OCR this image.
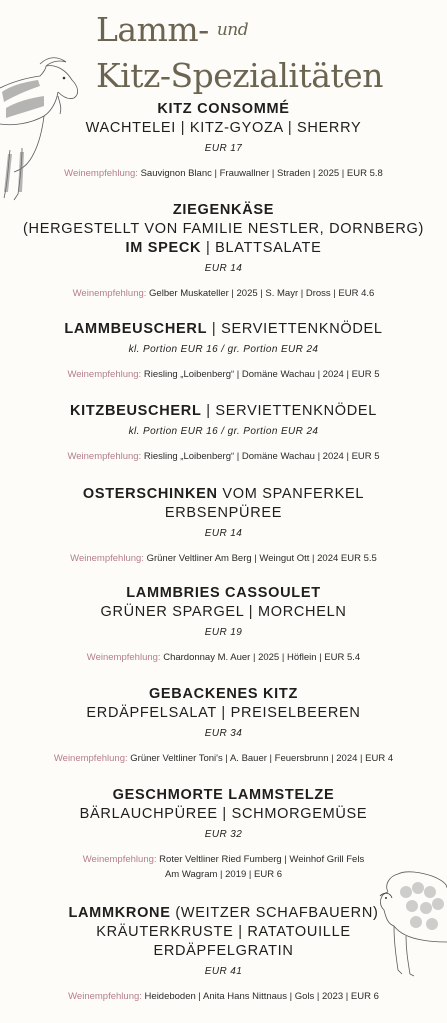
Lamm- und
Kitz-Spezialitäten
KITZ CONSOMMÉ
WACHTELEI | KITZ-GYOZA | SHERRY
EUR 17
Weinempfehlung: Sauvignon Blanc | Frauwallner | Straden | 2025 | EUR 5.8
ZIEGENKÄSE
(HERGESTELLT VON FAMILIE NESTLER, DORNBERG) IM SPECK | BLATTSALATE
EUR 14
Weinempfehlung: Gelber Muskateller | 2025 | S. Mayr | Dross | EUR 4.6
LAMMBEUSCHERL | SERVIETTENKNÖDEL
kl. Portion EUR 16 / gr. Portion EUR 24
Weinempfehlung: Riesling „Loibenberg“ | Domäne Wachau | 2024 | EUR 5
KITZBEUSCHERL | SERVIETTENKNÖDEL
kl. Portion EUR 16 / gr. Portion EUR 24
Weinempfehlung: Riesling „Loibenberg“ | Domäne Wachau | 2024 | EUR 5
OSTERSCHINKEN VOM SPANFERKEL ERBSENPÜREE
EUR 14
Weinempfehlung: Grüner Veltliner Am Berg | Weingut Ott | 2024 EUR 5.5
LAMMBRIES CASSOULET
GRÜNER SPARGEL | MORCHELN
EUR 19
Weinempfehlung: Chardonnay M. Auer | 2025 | Höflein | EUR 5.4
GEBACKENES KITZ
ERDÄPFELSALAT | PREISELBEEREN
EUR 34
Weinempfehlung: Grüner Veltliner Toni's | A. Bauer | Feuersbrunn | 2024 | EUR 4
GESCHMORTE LAMMSTELZE
BÄRLAUCHPÜREE | SCHMORGEMÜSE
EUR 32
Weinempfehlung: Roter Veltliner Ried Fumberg | Weinhof Grill Fels Am Wagram | 2019 | EUR 6
LAMMKRONE (WEITZER SCHAFBAUERN) KRÄUTERKRUSTE | RATATOUILLE ERDÄPFELGRATIN
EUR 41
Weinempfehlung: Heideboden | Anita Hans Nittnaus | Gols | 2023 | EUR 6
